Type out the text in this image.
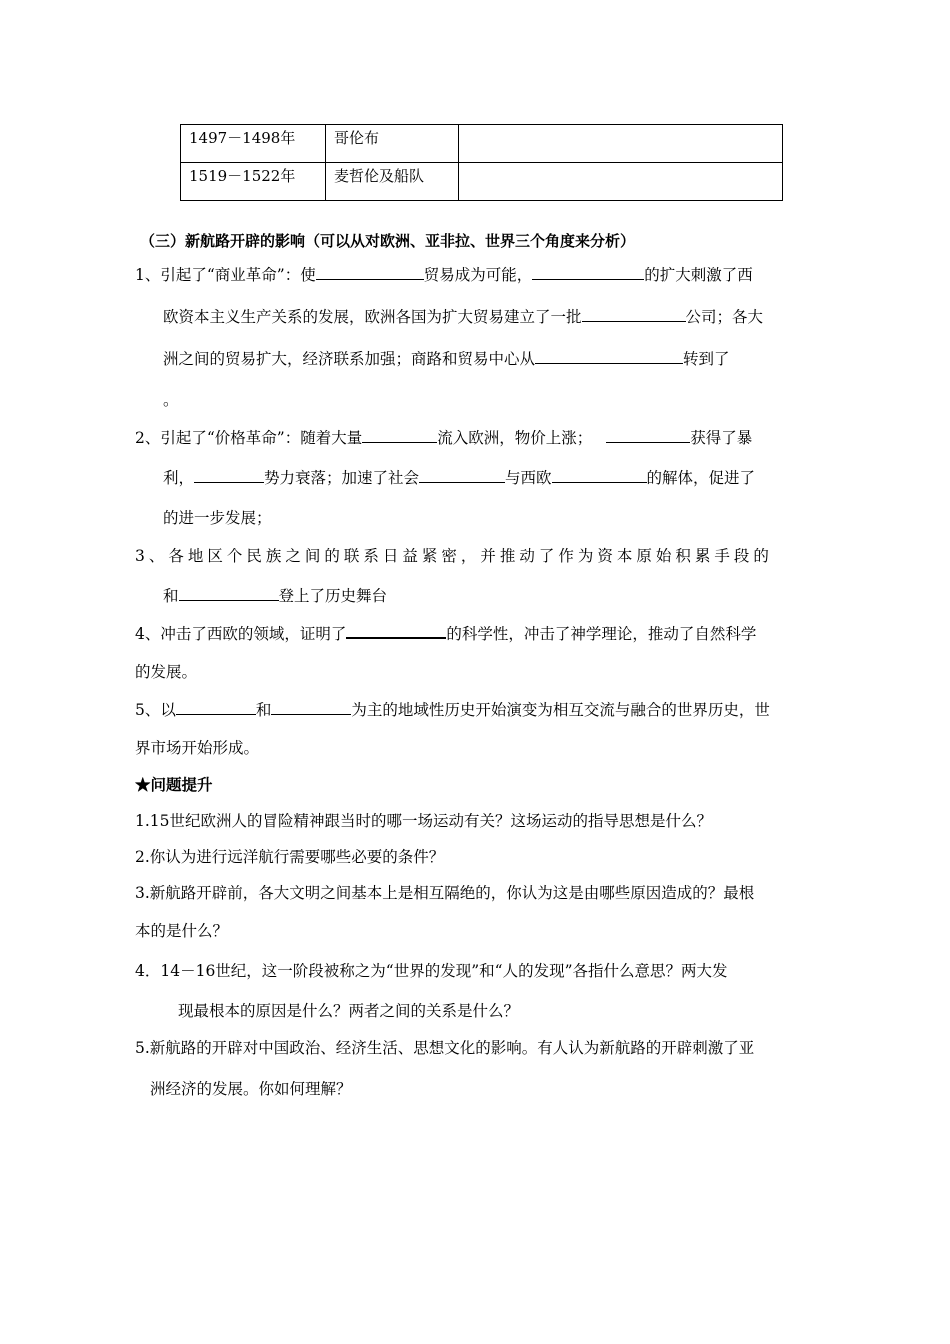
1497－1498年	哥伦布	
1519－1522年	麦哲伦及船队	
（三）新航路开辟的影响（可以从对欧洲、亚非拉、世界三个角度来分析）
1、引起了“商业革命”：使	贸易成为可能，	的扩大刺激了西
欧资本主义生产关系的发展，欧洲各国为扩大贸易建立了一批	公司；各大
洲之间的贸易扩大，经济联系加强；商路和贸易中心从	转到了
。
2、引起了“价格革命”：随着大量	流入欧洲，物价上涨；	获得了暴
利，	势力衰落；加速了社会	与西欧	的解体，促进了
的进一步发展；
3、各地区个民族之间的联系日益紧密，并推动了作为资本原始积累手段的
和	登上了历史舞台
4、冲击了西欧的领域，证明了	的科学性，冲击了神学理论，推动了自然科学
的发展。
5、以	和	为主的地域性历史开始演变为相互交流与融合的世界历史，世
界市场开始形成。
★问题提升
1.15世纪欧洲人的冒险精神跟当时的哪一场运动有关？这场运动的指导思想是什么？
2.你认为进行远洋航行需要哪些必要的条件？
3.新航路开辟前，各大文明之间基本上是相互隔绝的，你认为这是由哪些原因造成的？最根
本的是什么？
4．14－16世纪，这一阶段被称之为“世界的发现”和“人的发现”各指什么意思？两大发
现最根本的原因是什么？两者之间的关系是什么？
5.新航路的开辟对中国政治、经济生活、思想文化的影响。有人认为新航路的开辟刺激了亚
洲经济的发展。你如何理解？
